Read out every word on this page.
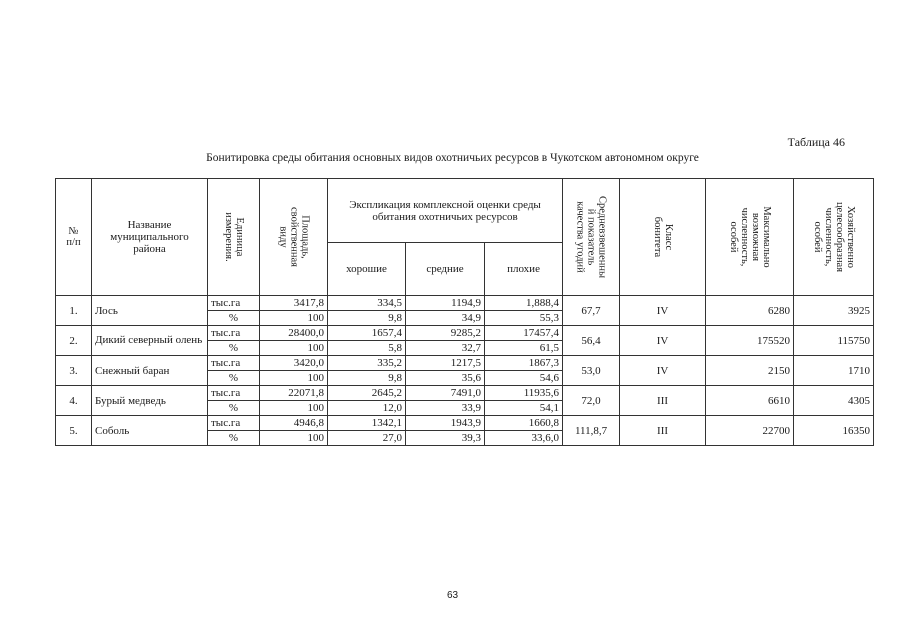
Таблица 46
Бонитировка среды обитания основных видов охотничьих ресурсов в Чукотском автономном округе
№
п/п	Название
муниципального
района	Единица
измерения.	Площадь,
свойственная
виду	Экспликация комплексной оценки среды
обитания охотничьих ресурсов			Средневзвешенны
й показатель
качества угодий	Класс бонитета	Максимально
возможная
численность,
особей	Хозяйственно
целесообразная
численность,
особей

				хорошие	средние	плохие				
1.	Лось	тыс.га	3417,8	334,5	1194,9	1,888,4	67,7	IV	6280	3925
		%	100	9,8	34,9	55,3				
2.	Дикий северный олень	тыс.га	28400,0	1657,4	9285,2	17457,4	56,4	IV	175520	115750
		%	100	5,8	32,7	61,5				
3.	Снежный баран	тыс.га	3420,0	335,2	1217,5	1867,3	53,0	IV	2150	1710
		%	100	9,8	35,6	54,6				
4.	Бурый медведь	тыс.га	22071,8	2645,2	7491,0	11935,6	72,0	III	6610	4305
		%	100	12,0	33,9	54,1				
5.	Соболь	тыс.га	4946,8	1342,1	1943,9	1660,8	111,8,7	III	22700	16350
		%	100	27,0	39,3	33,6,0				
63
